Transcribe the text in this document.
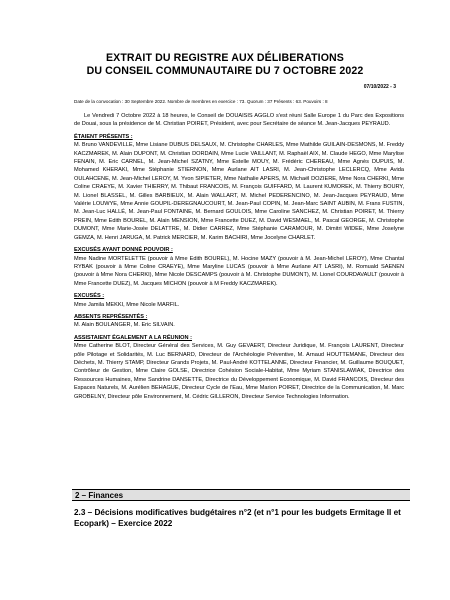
EXTRAIT DU REGISTRE AUX DÉLIBERATIONS
DU CONSEIL COMMUNAUTAIRE DU 7 OCTOBRE 2022
07/10/2022 - 3
Date de la convocation : 30 Septembre 2022. Nombre de membres en exercice : 73. Quorum : 37 Présents : 63. Pouvoirs : 8

Le Vendredi 7 Octobre 2022 à 18 heures, le Conseil de DOUAISIS AGGLO s'est réuni Salle Europe 1 du Parc des Expositions de Douai, sous la présidence de M. Christian POIRET, Président, avec pour Secrétaire de séance M. Jean-Jacques PEYRAUD.

ÉTAIENT PRÉSENTS :

M. Bruno VANDEVILLE, Mme Lisiane DUBUS DELSAUX, M. Christophe CHARLES, Mme Mathilde GUILAIN-DESMONS, M. Freddy KACZMAREK, M. Alain DUPONT, M. Christian DORDAIN, Mme Lucie VAILLANT, M. Raphaël AIX, M. Claude HEGO, Mme Marylise FENAIN, M. Eric CARNEL, M. Jean-Michel SZATNY, Mme Estelle MOUY, M. Frédéric CHEREAU, Mme Agnès DUPUIS, M. Mohamed KHERAKI, Mme Stéphanie STIERNON, Mme Aurlane AIT LASRI, M. Jean-Christophe LECLERCQ, Mme Avida OULAHCENE, M. Jean-Michel LEROY, M. Yvon SIPIETER, Mme Nathalie APERS, M. Michaël DOZIERE, Mme Nora CHERKI, Mme Coline CRAEYE, M. Xavier THIERRY, M. Thibaut FRANCOIS, M. François GUIFFARD, M. Laurent KUMOREK, M. Thierry BOURY, M. Lionel BLASSEL, M. Gilles BARBIEUX, M. Alain WALLART, M. Michel PEDERENCINO, M. Jean-Jacques PEYRAUD, Mme Valérie LOUWYE, Mme Annie GOUPIL-DEREGNAUCOURT, M. Jean-Paul COPIN, M. Jean-Marc SAINT AUBIN, M. Frans FUSTIN, M. Jean-Luc HALLÉ, M. Jean-Paul FONTAINE, M. Bernard GOULOIS, Mme Caroline SANCHEZ, M. Christian POIRET, M. Thierry PREIN, Mme Edith BOUREL, M. Alain MENSION, Mme Francette DUEZ, M. David WESMAEL, M. Pascal GEORGE, M. Christophe DUMONT, Mme Marie-Josée DELATTRE, M. Didier CARREZ, Mme Stéphanie CARAMOUR, M. Dimitri WIDEE, Mme Joselyne GEMZA, M. Henri JARUGA, M. Patrick MERCIER, M. Karim BACHIRI, Mme Jocelyne CHARLET.

EXCUSÉS AYANT DONNÉ POUVOIR :

Mme Nadine MORTELETTE (pouvoir à Mme Edith BOUREL), M. Hocine MAZY (pouvoir à M. Jean-Michel LEROY), Mme Chantal RYBAK (pouvoir à Mme Coline CRAEYE), Mme Maryline LUCAS (pouvoir à Mme Aurlane AIT LASRI), M. Romuald SAENEN (pouvoir à Mme Nora CHERKI), Mme Nicole DESCAMPS (pouvoir à M. Christophe DUMONT), M. Lionel COURDAVAULT (pouvoir à Mme Francette DUEZ), M. Jacques MICHON (pouvoir à M Freddy KACZMAREK).

EXCUSÉS :

Mme Jamila MEKKI, Mme Nicole MARFIL.

ABSENTS REPRÉSENTÉS :

M. Alain BOULANGER, M. Eric SILVAIN.

ASSISTAIENT ÉGALEMENT A LA RÉUNION :

Mme Catherine BLOT, Directeur Général des Services, M. Guy GEVAERT, Directeur Juridique, M. François LAURENT, Directeur pôle Pilotage et Solidarités, M. Luc BERNARD, Directeur de l'Archéologie Préventive, M. Arnaud HOUTTEMANE, Directeur des Déchets, M. Thierry STAMP, Directeur Grands Projets, M. Paul-André KOTTELANNE, Directeur Financier, M. Guillaume BOUQUET, Contrôleur de Gestion, Mme Claire GOLSE, Directrice Cohésion Sociale-Habitat, Mme Myriam STANISLAWIAK, Directrice des Ressources Humaines, Mme Sandrine DANSETTE, Directrice du Développement Economique, M. David FRANCOIS, Directeur des Espaces Naturels, M. Aurélien BEHAGUE, Directeur Cycle de l'Eau, Mme Marion POIRET, Directrice de la Communication, M. Marc GROBELNY, Directeur pôle Environnement, M. Cédric GILLERON, Directeur Service Technologies Information.

2 – Finances
2.3 – Décisions modificatives budgétaires n°2 (et n°1 pour les budgets Ermitage II et Ecopark) – Exercice 2022
